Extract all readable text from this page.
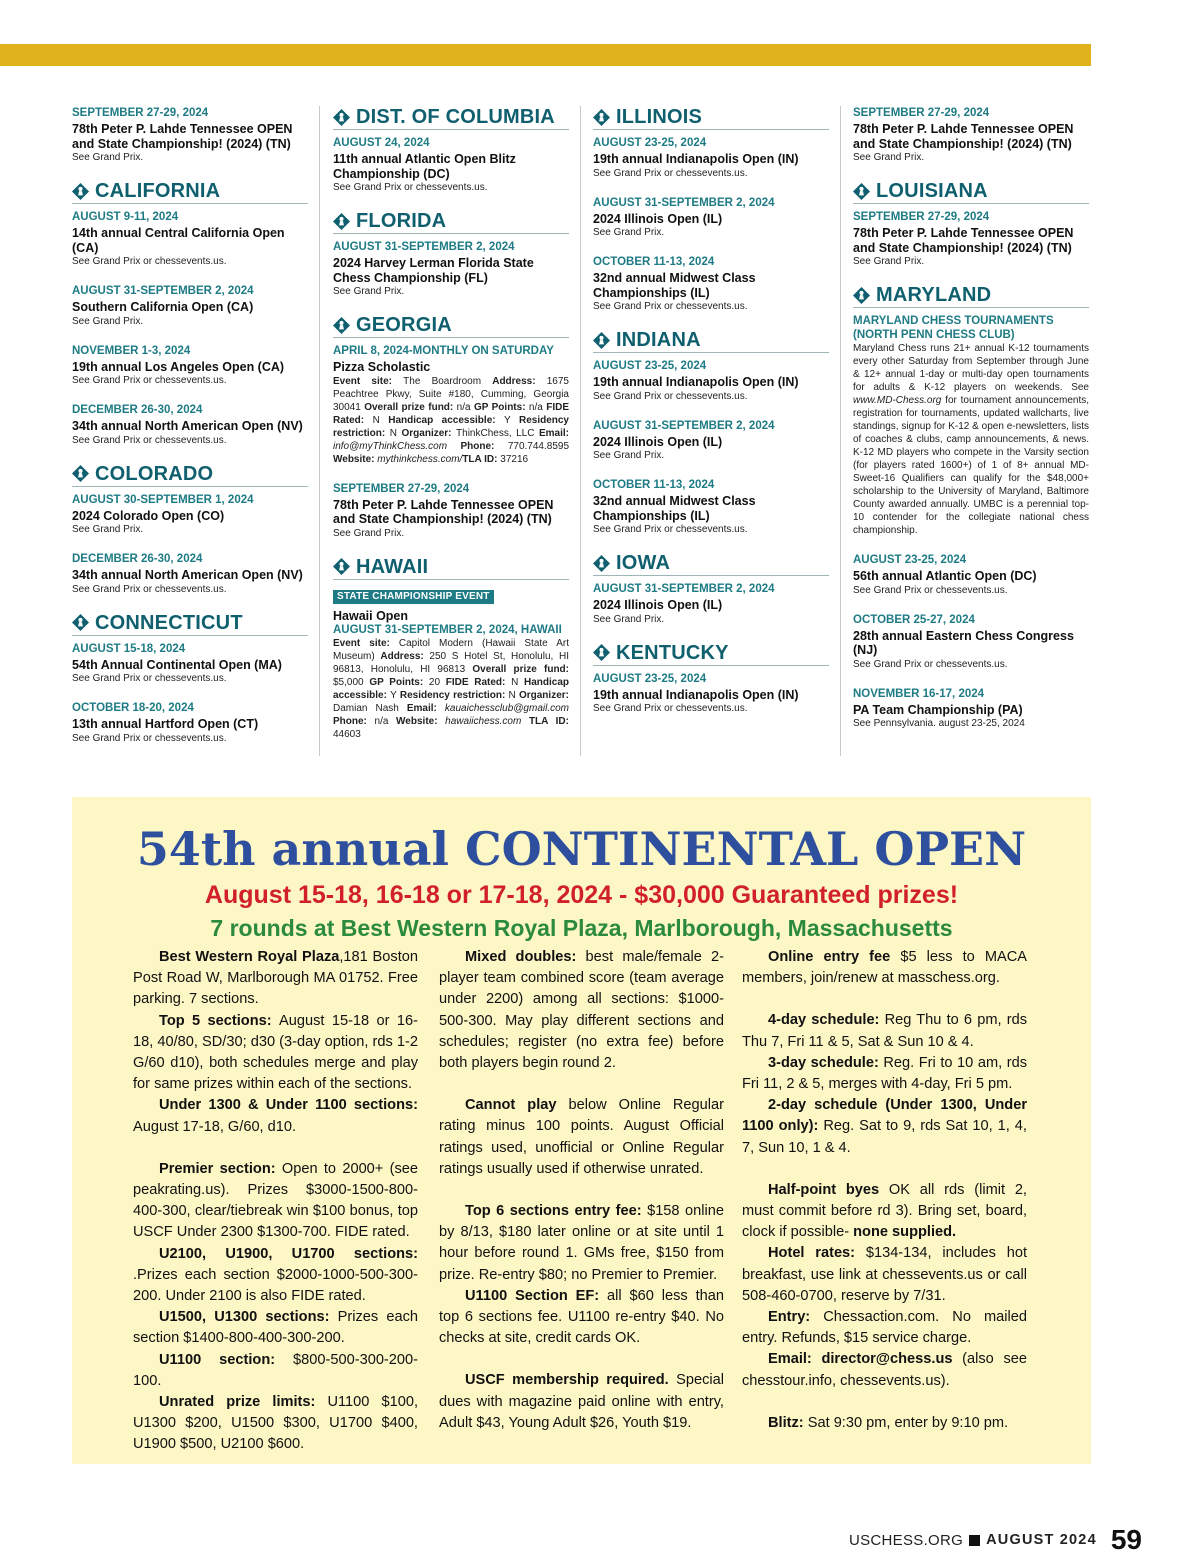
SEPTEMBER 27-29, 2024
78th Peter P. Lahde Tennessee OPEN and State Championship! (2024) (TN)
See Grand Prix.
CALIFORNIA
AUGUST 9-11, 2024
14th annual Central California Open (CA)
See Grand Prix or chessevents.us.
AUGUST 31-SEPTEMBER 2, 2024
Southern California Open (CA)
See Grand Prix.
NOVEMBER 1-3, 2024
19th annual Los Angeles Open (CA)
See Grand Prix or chessevents.us.
DECEMBER 26-30, 2024
34th annual North American Open (NV)
See Grand Prix or chessevents.us.
COLORADO
AUGUST 30-SEPTEMBER 1, 2024
2024 Colorado Open (CO)
See Grand Prix.
DECEMBER 26-30, 2024
34th annual North American Open (NV)
See Grand Prix or chessevents.us.
CONNECTICUT
AUGUST 15-18, 2024
54th Annual Continental Open (MA)
See Grand Prix or chessevents.us.
OCTOBER 18-20, 2024
13th annual Hartford Open (CT)
See Grand Prix or chessevents.us.
DIST. OF COLUMBIA
AUGUST 24, 2024
11th annual Atlantic Open Blitz Championship (DC)
See Grand Prix or chessevents.us.
FLORIDA
AUGUST 31-SEPTEMBER 2, 2024
2024 Harvey Lerman Florida State Chess Championship (FL)
See Grand Prix.
GEORGIA
APRIL 8, 2024-MONTHLY ON SATURDAY
Pizza Scholastic
Event site: The Boardroom Address: 1675 Peachtree Pkwy, Suite #180, Cumming, Georgia 30041 Overall prize fund: n/a GP Points: n/a FIDE Rated: N Handicap accessible: Y Residency restriction: N Organizer: ThinkChess, LLC Email: info@myThinkChess.com Phone: 770.744.8595 Website: mythinkchess.com/TLA ID: 37216
SEPTEMBER 27-29, 2024
78th Peter P. Lahde Tennessee OPEN and State Championship! (2024) (TN)
See Grand Prix.
HAWAII
STATE CHAMPIONSHIP EVENT
Hawaii Open
AUGUST 31-SEPTEMBER 2, 2024, HAWAII
Event site: Capitol Modern (Hawaii State Art Museum) Address: 250 S Hotel St, Honolulu, HI 96813, Honolulu, HI 96813 Overall prize fund: $5,000 GP Points: 20 FIDE Rated: N Handicap accessible: Y Residency restriction: N Organizer: Damian Nash Email: kauaichessclub@gmail.com Phone: n/a Website: hawaiichess.com TLA ID: 44603
ILLINOIS
AUGUST 23-25, 2024
19th annual Indianapolis Open (IN)
See Grand Prix or chessevents.us.
AUGUST 31-SEPTEMBER 2, 2024
2024 Illinois Open (IL)
See Grand Prix.
OCTOBER 11-13, 2024
32nd annual Midwest Class Championships (IL)
See Grand Prix or chessevents.us.
INDIANA
AUGUST 23-25, 2024
19th annual Indianapolis Open (IN)
See Grand Prix or chessevents.us.
AUGUST 31-SEPTEMBER 2, 2024
2024 Illinois Open (IL)
See Grand Prix.
OCTOBER 11-13, 2024
32nd annual Midwest Class Championships (IL)
See Grand Prix or chessevents.us.
IOWA
AUGUST 31-SEPTEMBER 2, 2024
2024 Illinois Open (IL)
See Grand Prix.
KENTUCKY
AUGUST 23-25, 2024
19th annual Indianapolis Open (IN)
See Grand Prix or chessevents.us.
SEPTEMBER 27-29, 2024
78th Peter P. Lahde Tennessee OPEN and State Championship! (2024) (TN)
See Grand Prix.
LOUISIANA
SEPTEMBER 27-29, 2024
78th Peter P. Lahde Tennessee OPEN and State Championship! (2024) (TN)
See Grand Prix.
MARYLAND
MARYLAND CHESS TOURNAMENTS (NORTH PENN CHESS CLUB)
Maryland Chess runs 21+ annual K-12 tournaments every other Saturday from September through June & 12+ annual 1-day or multi-day open tournaments for adults & K-12 players on weekends. See www.MD-Chess.org for tournament announcements, registration for tournaments, updated wallcharts, live standings, signup for K-12 & open e-newsletters, lists of coaches & clubs, camp announcements, & news. K-12 MD players who compete in the Varsity section (for players rated 1600+) of 1 of 8+ annual MD-Sweet-16 Qualifiers can qualify for the $48,000+ scholarship to the University of Maryland, Baltimore County awarded annually. UMBC is a perennial top-10 contender for the collegiate national chess championship.
AUGUST 23-25, 2024
56th annual Atlantic Open (DC)
See Grand Prix or chessevents.us.
OCTOBER 25-27, 2024
28th annual Eastern Chess Congress (NJ)
See Grand Prix or chessevents.us.
NOVEMBER 16-17, 2024
PA Team Championship (PA)
See Pennsylvania. august 23-25, 2024
54th annual CONTINENTAL OPEN
August 15-18, 16-18 or 17-18, 2024 - $30,000 Guaranteed prizes!
7 rounds at Best Western Royal Plaza, Marlborough, Massachusetts

Best Western Royal Plaza,181 Boston Post Road W, Marlborough MA 01752. Free parking. 7 sections.

Top 5 sections: August 15-18 or 16-18, 40/80, SD/30; d30 (3-day option, rds 1-2 G/60 d10), both schedules merge and play for same prizes within each of the sections.

Under 1300 & Under 1100 sections: August 17-18, G/60, d10.

Premier section: Open to 2000+ (see peakrating.us). Prizes $3000-1500-800-400-300, clear/tiebreak win $100 bonus, top USCF Under 2300 $1300-700. FIDE rated.

U2100, U1900, U1700 sections: .Prizes each section $2000-1000-500-300-200. Under 2100 is also FIDE rated.

U1500, U1300 sections: Prizes each section $1400-800-400-300-200.

U1100 section: $800-500-300-200-100.

Unrated prize limits: U1100 $100, U1300 $200, U1500 $300, U1700 $400, U1900 $500, U2100 $600.

Mixed doubles: best male/female 2-player team combined score (team average under 2200) among all sections: $1000-500-300. May play different sections and schedules; register (no extra fee) before both players begin round 2.

Cannot play below Online Regular rating minus 100 points. August Official ratings used, unofficial or Online Regular ratings usually used if otherwise unrated.

Top 6 sections entry fee: $158 online by 8/13, $180 later online or at site until 1 hour before round 1. GMs free, $150 from prize. Re-entry $80; no Premier to Premier.

U1100 Section EF: all $60 less than top 6 sections fee. U1100 re-entry $40. No checks at site, credit cards OK.

USCF membership required. Special dues with magazine paid online with entry, Adult $43, Young Adult $26, Youth $19.

Online entry fee $5 less to MACA members, join/renew at masschess.org.

4-day schedule: Reg Thu to 6 pm, rds Thu 7, Fri 11 & 5, Sat & Sun 10 & 4.

3-day schedule: Reg. Fri to 10 am, rds Fri 11, 2 & 5, merges with 4-day, Fri 5 pm.

2-day schedule (Under 1300, Under 1100 only): Reg. Sat to 9, rds Sat 10, 1, 4, 7, Sun 10, 1 & 4.

Half-point byes OK all rds (limit 2, must commit before rd 3). Bring set, board, clock if possible- none supplied.

Hotel rates: $134-134, includes hot breakfast, use link at chessevents.us or call 508-460-0700, reserve by 7/31.

Entry: Chessaction.com. No mailed entry. Refunds, $15 service charge.

Email: director@chess.us (also see chesstour.info, chessevents.us).

Blitz: Sat 9:30 pm, enter by 9:10 pm.

USCHESS.ORG AUGUST 2024 59
